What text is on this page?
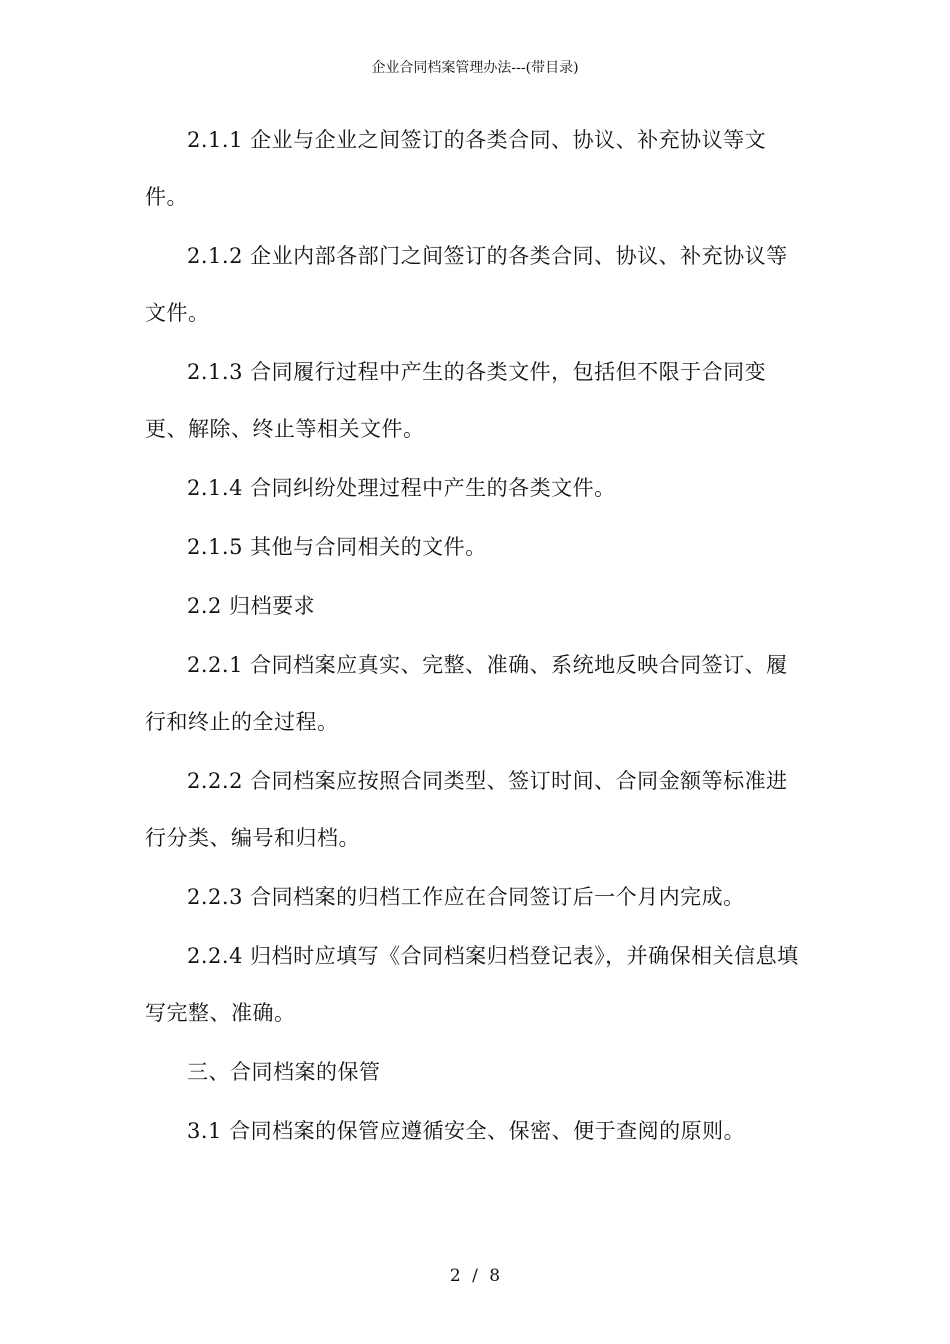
企业合同档案管理办法---(带目录)

2.1.1 企业与企业之间签订的各类合同、协议、补充协议等文件。

2.1.2 企业内部各部门之间签订的各类合同、协议、补充协议等文件。

2.1.3 合同履行过程中产生的各类文件，包括但不限于合同变更、解除、终止等相关文件。

2.1.4 合同纠纷处理过程中产生的各类文件。

2.1.5 其他与合同相关的文件。

2.2 归档要求

2.2.1 合同档案应真实、完整、准确、系统地反映合同签订、履行和终止的全过程。

2.2.2 合同档案应按照合同类型、签订时间、合同金额等标准进行分类、编号和归档。

2.2.3 合同档案的归档工作应在合同签订后一个月内完成。

2.2.4 归档时应填写《合同档案归档登记表》，并确保相关信息填写完整、准确。

三、合同档案的保管

3.1 合同档案的保管应遵循安全、保密、便于查阅的原则。

2 / 8
